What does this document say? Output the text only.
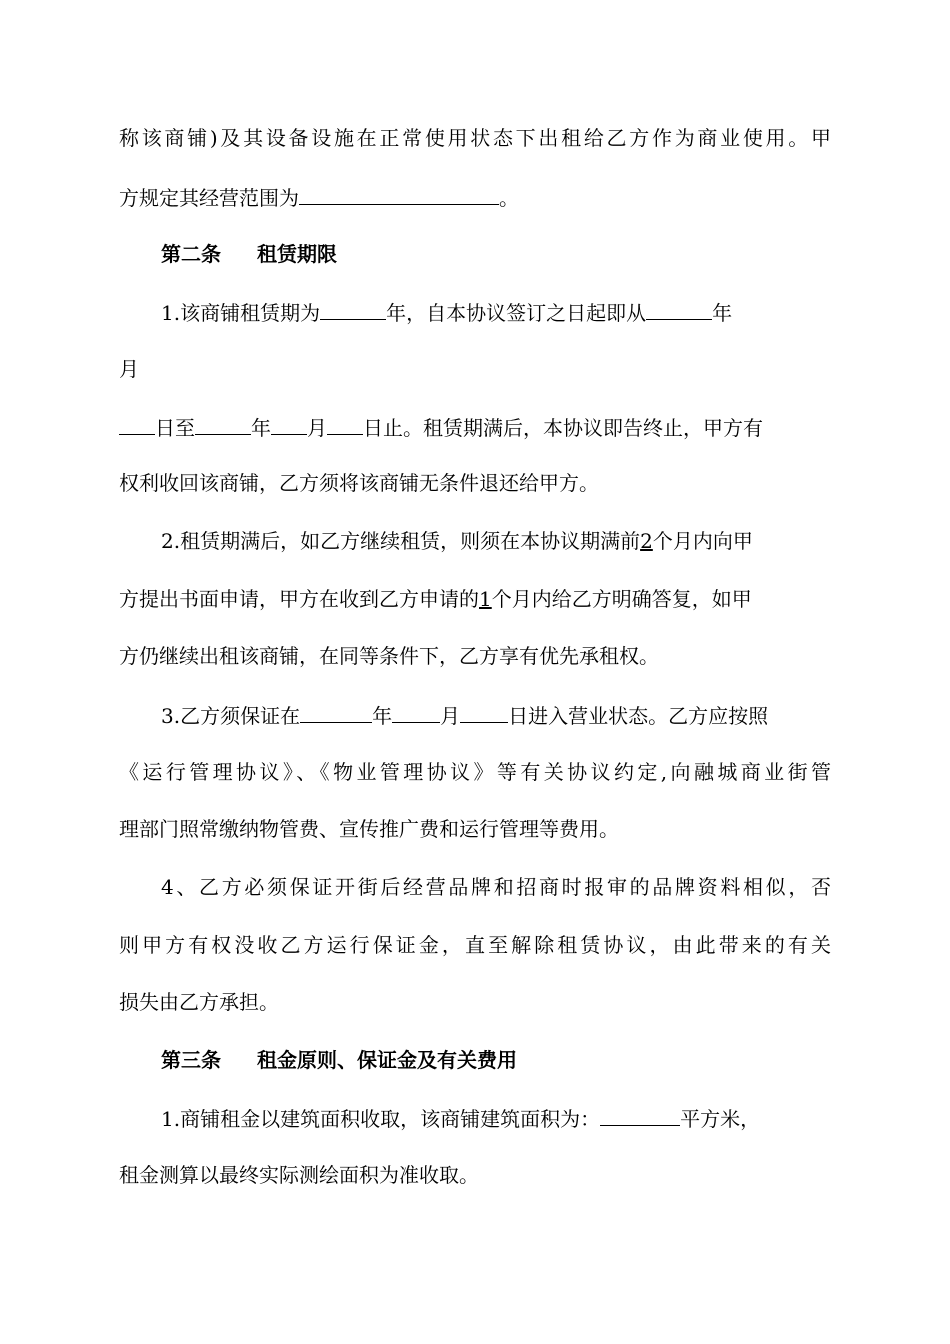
称该商铺)及其设备设施在正常使用状态下出租给乙方作为商业使用。甲
方规定其经营范围为	。
第二条 租赁期限
1.该商铺租赁期为	年，自本协议签订之日起即从	年
月
日至	年 月 日止。租赁期满后，本协议即告终止，甲方有
权利收回该商铺，乙方须将该商铺无条件退还给甲方。
2.租赁期满后，如乙方继续租赁，则须在本协议期满前2个月内向甲
方提出书面申请，甲方在收到乙方申请的1个月内给乙方明确答复，如甲
方仍继续出租该商铺，在同等条件下，乙方享有优先承租权。
3.乙方须保证在	年 月 日进入营业状态。乙方应按照
《运行管理协议》、《物业管理协议》等有关协议约定,向融城商业街管
理部门照常缴纳物管费、宣传推广费和运行管理等费用。
4、乙方必须保证开街后经营品牌和招商时报审的品牌资料相似，否
则甲方有权没收乙方运行保证金，直至解除租赁协议，由此带来的有关
损失由乙方承担。
第三条 租金原则、保证金及有关费用
1.商铺租金以建筑面积收取，该商铺建筑面积为：	平方米，
租金测算以最终实际测绘面积为准收取。
